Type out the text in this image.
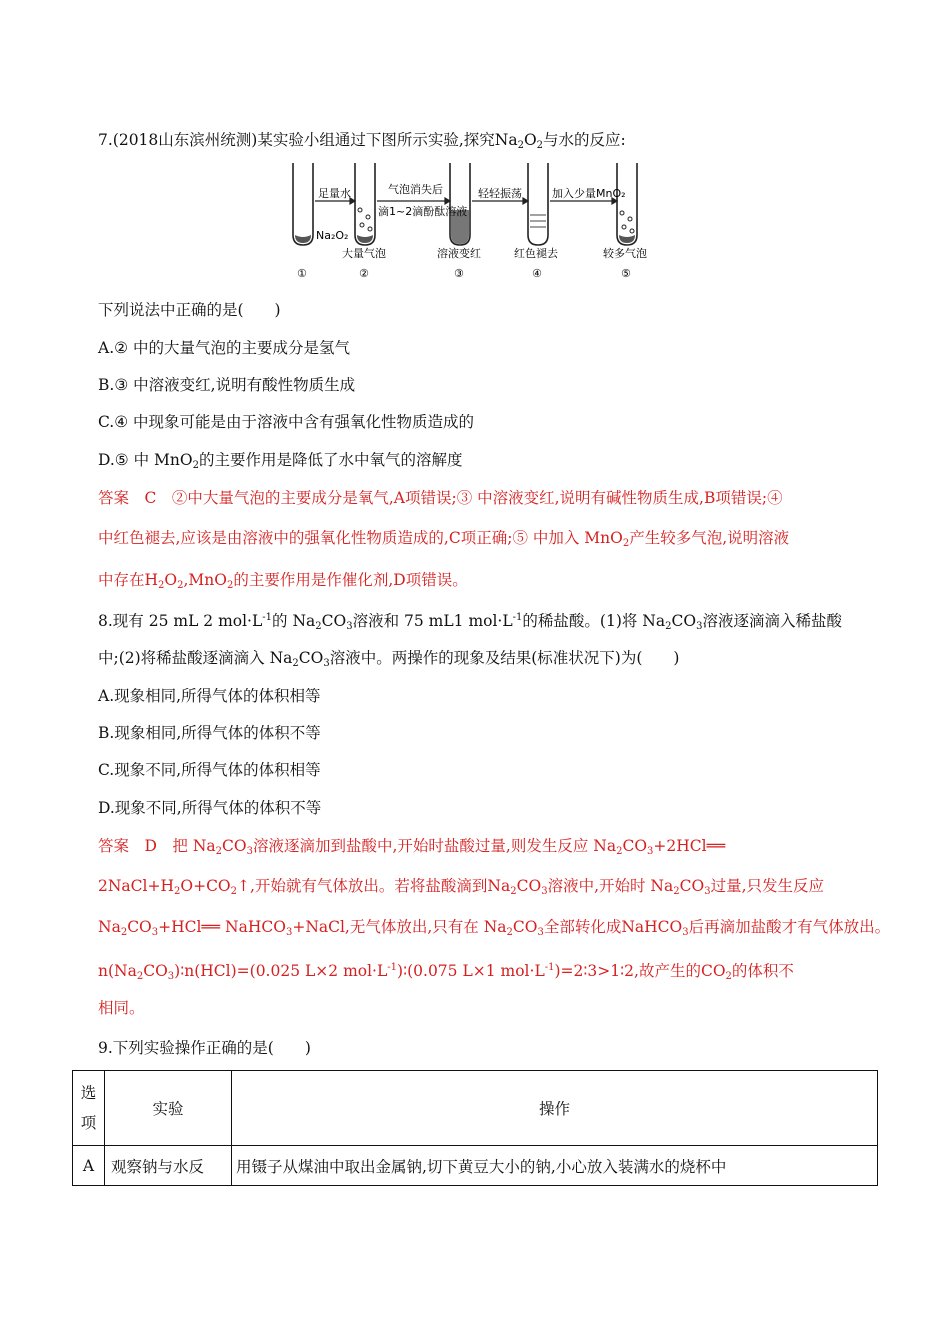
7.(2018山东滨州统测)某实验小组通过下图所示实验,探究$Na_2O_2$与水的反应:
Na₂O₂
足量水	气泡消失后
滴1~2滴酚酞溶液
轻轻振荡	加入少量MnO₂
大量气泡	溶液变红	红色褪去	较多气泡
①	②	③	④	⑤
下列说法中正确的是(　　)
A.② 中的大量气泡的主要成分是氢气
B.③ 中溶液变红,说明有酸性物质生成
C.④ 中现象可能是由于溶液中含有强氧化性物质造成的
D.⑤ 中 MnO$_2$的主要作用是降低了水中氧气的溶解度
答案　C　②中大量气泡的主要成分是氧气,A项错误;③ 中溶液变红,说明有碱性物质生成,B项错误;④
中红色褪去,应该是由溶液中的强氧化性物质造成的,C项正确;⑤ 中加入 MnO$_2$产生较多气泡,说明溶液
中存在$H_2O_2,MnO_2$的主要作用是作催化剂,D项错误。
8.现有 25 mL 2 $mol\cdot L^{-1}$的 $Na_2CO_3$溶液和 75 mL1 $mol\cdot L^{-1}$的稀盐酸。(1)将 $Na_2CO_3$溶液逐滴滴入稀盐酸
中;(2)将稀盐酸逐滴滴入 $Na_2CO_3$溶液中。两操作的现象及结果(标准状况下)为(　　)
A.现象相同,所得气体的体积相等
B.现象相同,所得气体的体积不等
C.现象不同,所得气体的体积相等
D.现象不同,所得气体的体积不等
答案　D　把 $Na_2CO_3$溶液逐滴加到盐酸中,开始时盐酸过量,则发生反应 $Na_2CO_3+2HCl══$
$2NaCl+H_2O+CO_2↑$,开始就有气体放出。若将盐酸滴到$Na_2CO_3$溶液中,开始时 $Na_2CO_3$过量,只发生反应
$Na_2CO_3+HCl══$ NaHCO$_3$+NaCl,无气体放出,只有在 $Na_2CO_3$全部转化成NaHCO$_3$后再滴加盐酸才有气体放出。
$n(Na_2CO_3)∶n(HCl)=(0.025$ L×2 $mol\cdot L^{-1})∶(0.075$ L×1 $mol\cdot L^{-1})=2∶3>1∶2$,故产生的$CO_2$的体积不
相同。
9.下列实验操作正确的是(　　)
选
项	实验	操作
A	观察钠与水反	用镊子从煤油中取出金属钠,切下黄豆大小的钠,小心放入装满水的烧杯中
